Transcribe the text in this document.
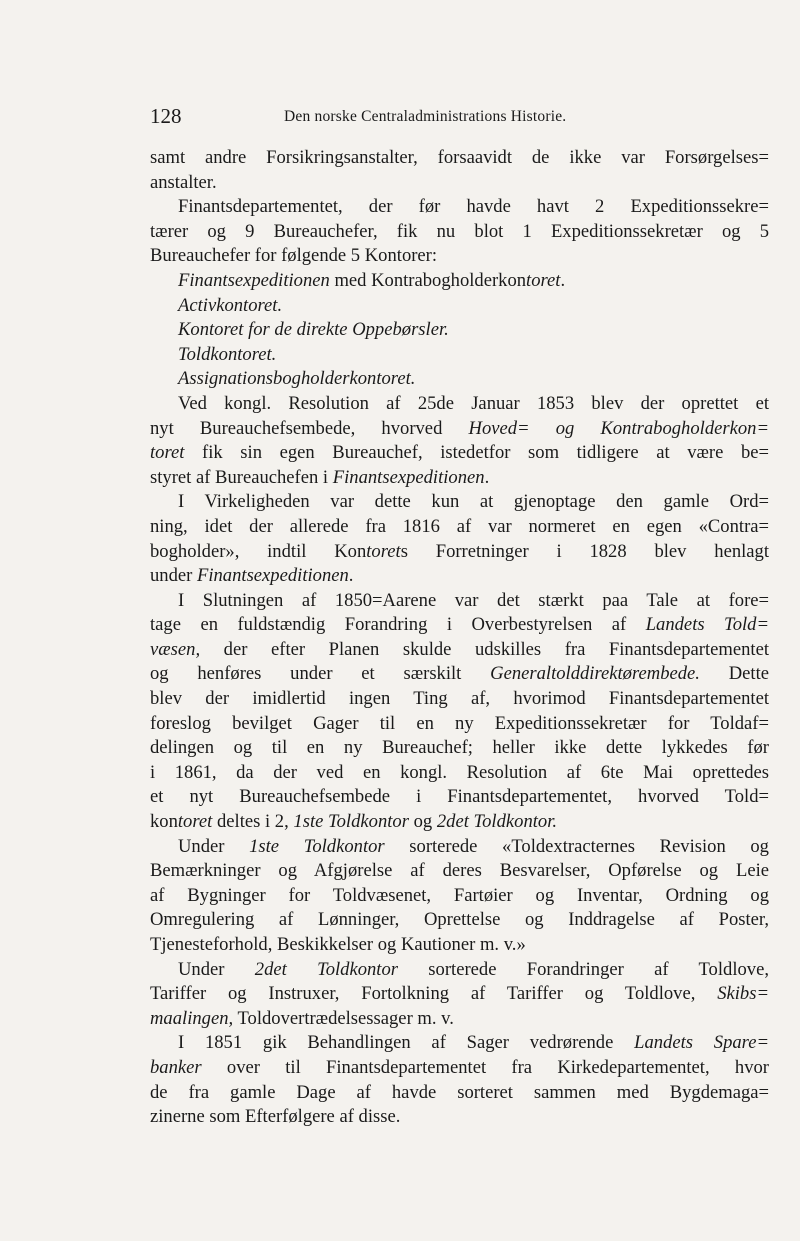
128	Den norske Centraladministrations Historie.
samt andre Forsikringsanstalter, forsaavidt de ikke var Forsørgelses=
anstalter.
Finantsdepartementet, der før havde havt 2 Expeditionssekre=
tærer og 9 Bureauchefer, fik nu blot 1 Expeditionssekretær og 5
Bureauchefer for følgende 5 Kontorer:
Finantsexpeditionen med Kontrabogholderkontoret.
Activkontoret.
Kontoret for de direkte Oppebørsler.
Toldkontoret.
Assignationsbogholderkontoret.
Ved kongl. Resolution af 25de Januar 1853 blev der oprettet et
nyt Bureauchefsembede, hvorved Hoved= og Kontrabogholderkon=
toret fik sin egen Bureauchef, istedetfor som tidligere at være be=
styret af Bureauchefen i Finantsexpeditionen.
I Virkeligheden var dette kun at gjenoptage den gamle Ord=
ning, idet der allerede fra 1816 af var normeret en egen «Contra=
bogholder», indtil Kontorets Forretninger i 1828 blev henlagt
under Finantsexpeditionen.
I Slutningen af 1850=Aarene var det stærkt paa Tale at fore=
tage en fuldstændig Forandring i Overbestyrelsen af Landets Told=
væsen, der efter Planen skulde udskilles fra Finantsdepartementet
og henføres under et særskilt Generaltolddirektørembede. Dette
blev der imidlertid ingen Ting af, hvorimod Finantsdepartementet
foreslog bevilget Gager til en ny Expeditionssekretær for Toldaf=
delingen og til en ny Bureauchef; heller ikke dette lykkedes før
i 1861, da der ved en kongl. Resolution af 6te Mai oprettedes
et nyt Bureauchefsembede i Finantsdepartementet, hvorved Told=
kontoret deltes i 2, 1ste Toldkontor og 2det Toldkontor.
Under 1ste Toldkontor sorterede «Toldextracternes Revision og
Bemærkninger og Afgjørelse af deres Besvarelser, Opførelse og Leie
af Bygninger for Toldvæsenet, Fartøier og Inventar, Ordning og
Omregulering af Lønninger, Oprettelse og Inddragelse af Poster,
Tjenesteforhold, Beskikkelser og Kautioner m. v.»
Under 2det Toldkontor sorterede Forandringer af Toldlove,
Tariffer og Instruxer, Fortolkning af Tariffer og Toldlove, Skibs=
maalingen, Toldovertrædelsessager m. v.
I 1851 gik Behandlingen af Sager vedrørende Landets Spare=
banker over til Finantsdepartementet fra Kirkedepartementet, hvor
de fra gamle Dage af havde sorteret sammen med Bygdemaga=
zinerne som Efterfølgere af disse.
